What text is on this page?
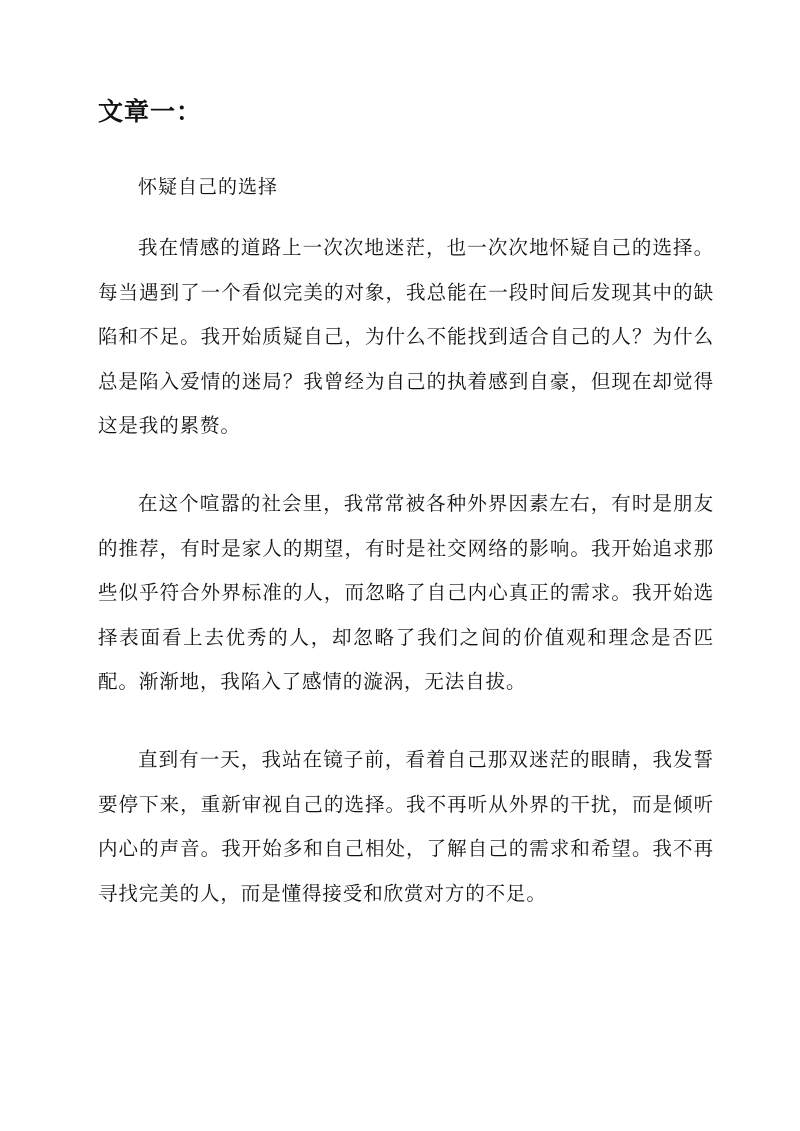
文章一：

怀疑自己的选择

我在情感的道路上一次次地迷茫，也一次次地怀疑自己的选择。每当遇到了一个看似完美的对象，我总能在一段时间后发现其中的缺陷和不足。我开始质疑自己，为什么不能找到适合自己的人？为什么总是陷入爱情的迷局？我曾经为自己的执着感到自豪，但现在却觉得这是我的累赘。

在这个喧嚣的社会里，我常常被各种外界因素左右，有时是朋友的推荐，有时是家人的期望，有时是社交网络的影响。我开始追求那些似乎符合外界标准的人，而忽略了自己内心真正的需求。我开始选择表面看上去优秀的人，却忽略了我们之间的价值观和理念是否匹配。渐渐地，我陷入了感情的漩涡，无法自拔。

直到有一天，我站在镜子前，看着自己那双迷茫的眼睛，我发誓要停下来，重新审视自己的选择。我不再听从外界的干扰，而是倾听内心的声音。我开始多和自己相处，了解自己的需求和希望。我不再寻找完美的人，而是懂得接受和欣赏对方的不足。
